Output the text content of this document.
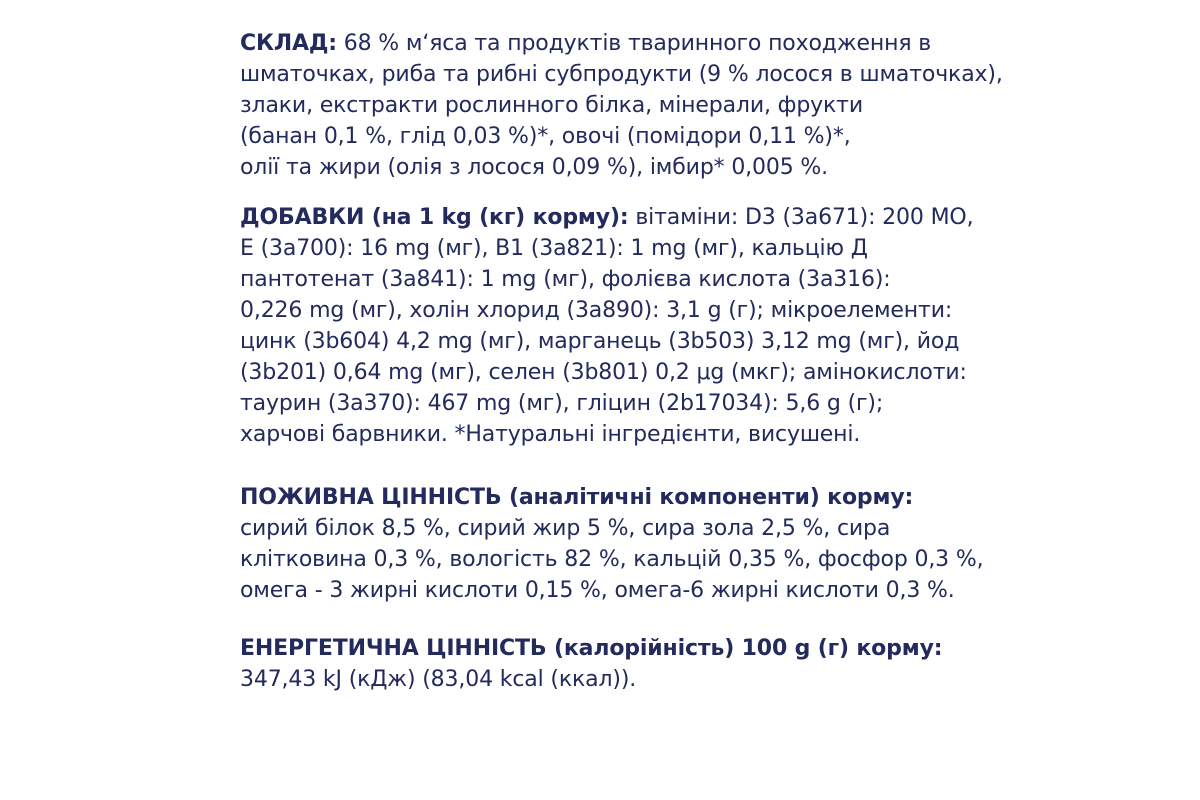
СКЛАД: 68 % м‘яса та продуктів тваринного походження в
шматочках, риба та рибні субпродукти (9 % лосося в шматочках),
злаки, екстракти рослинного білка, мінерали, фрукти
(банан 0,1 %, глід 0,03 %)*, овочі (помідори 0,11 %)*,
олії та жири (олія з лосося 0,09 %), імбир* 0,005 %.
ДОБАВКИ (на 1 kg (кг) корму): вітаміни: D3 (3a671): 200 МО,
E (3a700): 16 mg (мг), B1 (3a821): 1 mg (мг), кальцію Д
пантотенат (3a841): 1 mg (мг), фолієва кислота (3a316):
0,226 mg (мг), холін хлорид (3a890): 3,1 g (г); мікроелементи:
цинк (3b604) 4,2 mg (мг), марганець (3b503) 3,12 mg (мг), йод
(3b201) 0,64 mg (мг), селен (3b801) 0,2 μg (мкг); амінокислоти:
таурин (3a370): 467 mg (мг), гліцин (2b17034): 5,6 g (г);
харчові барвники. *Натуральні інгредієнти, висушені.
ПОЖИВНА ЦІННІСТЬ (аналітичні компоненти) корму:
сирий білок 8,5 %, сирий жир 5 %, сира зола 2,5 %, сира
клітковина 0,3 %, вологість 82 %, кальцій 0,35 %, фосфор 0,3 %,
омега - 3 жирні кислоти 0,15 %, омега-6 жирні кислоти 0,3 %.
ЕНЕРГЕТИЧНА ЦІННІСТЬ (калорійність) 100 g (г) корму:
347,43 kJ (кДж) (83,04 kcal (ккал)).
